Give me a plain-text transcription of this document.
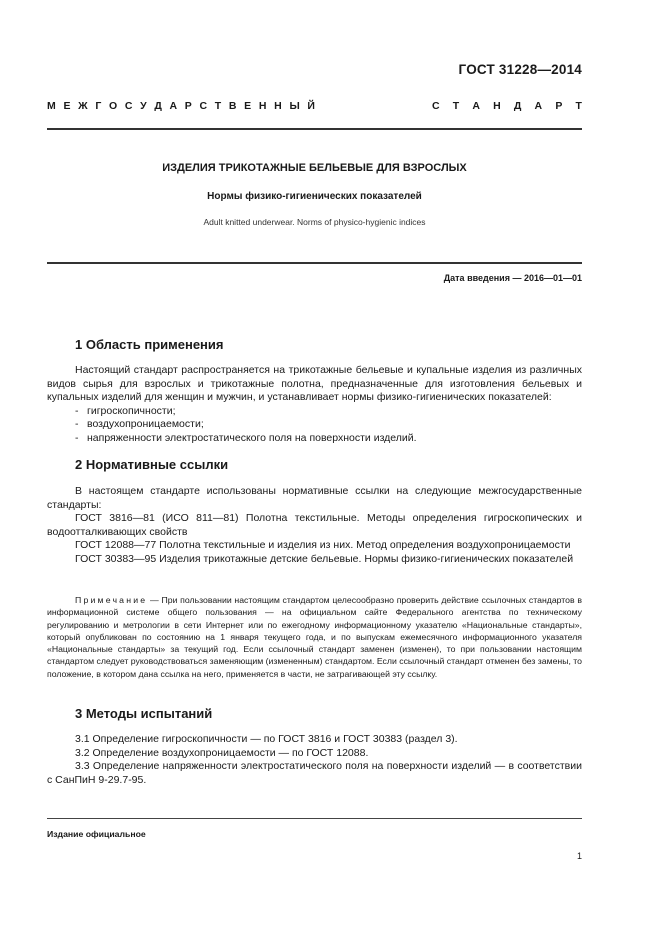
ГОСТ 31228—2014
М Е Ж Г О С У Д А Р С Т В Е Н Н Ы Й	С Т А Н Д А Р Т
ИЗДЕЛИЯ ТРИКОТАЖНЫЕ БЕЛЬЕВЫЕ ДЛЯ ВЗРОСЛЫХ
Нормы физико-гигиенических показателей
Adult knitted underwear. Norms of physico-hygienic indices
Дата введения — 2016—01—01
1 Область применения

Настоящий стандарт распространяется на трикотажные бельевые и купальные изделия из различных видов сырья для взрослых и трикотажные полотна, предназначенные для изготовления бельевых и купальных изделий для женщин и мужчин, и устанавливает нормы физико-гигиенических показателей:

- гигроскопичности;

- воздухопроницаемости;

- напряженности электростатического поля на поверхности изделий.

2 Нормативные ссылки

В настоящем стандарте использованы нормативные ссылки на следующие межгосударственные стандарты:

ГОСТ 3816—81 (ИСО 811—81) Полотна текстильные. Методы определения гигроскопических и водоотталкивающих свойств

ГОСТ 12088—77 Полотна текстильные и изделия из них. Метод определения воздухопроницаемости

ГОСТ 30383—95 Изделия трикотажные детские бельевые. Нормы физико-гигиенических показателей

Примечание — При пользовании настоящим стандартом целесообразно проверить действие ссылочных стандартов в информационной системе общего пользования — на официальном сайте Федерального агентства по техническому регулированию и метрологии в сети Интернет или по ежегодному информационному указателю «Национальные стандарты», который опубликован по состоянию на 1 января текущего года, и по выпускам ежемесячного информационного указателя «Национальные стандарты» за текущий год. Если ссылочный стандарт заменен (изменен), то при пользовании настоящим стандартом следует руководствоваться заменяющим (измененным) стандартом. Если ссылочный стандарт отменен без замены, то положение, в котором дана ссылка на него, применяется в части, не затрагивающей эту ссылку.

3 Методы испытаний

3.1 Определение гигроскопичности — по ГОСТ 3816 и ГОСТ 30383 (раздел 3).

3.2 Определение воздухопроницаемости — по ГОСТ 12088.

3.3 Определение напряженности электростатического поля на поверхности изделий — в соответствии с СанПиН 9-29.7-95.

Издание официальное
1
